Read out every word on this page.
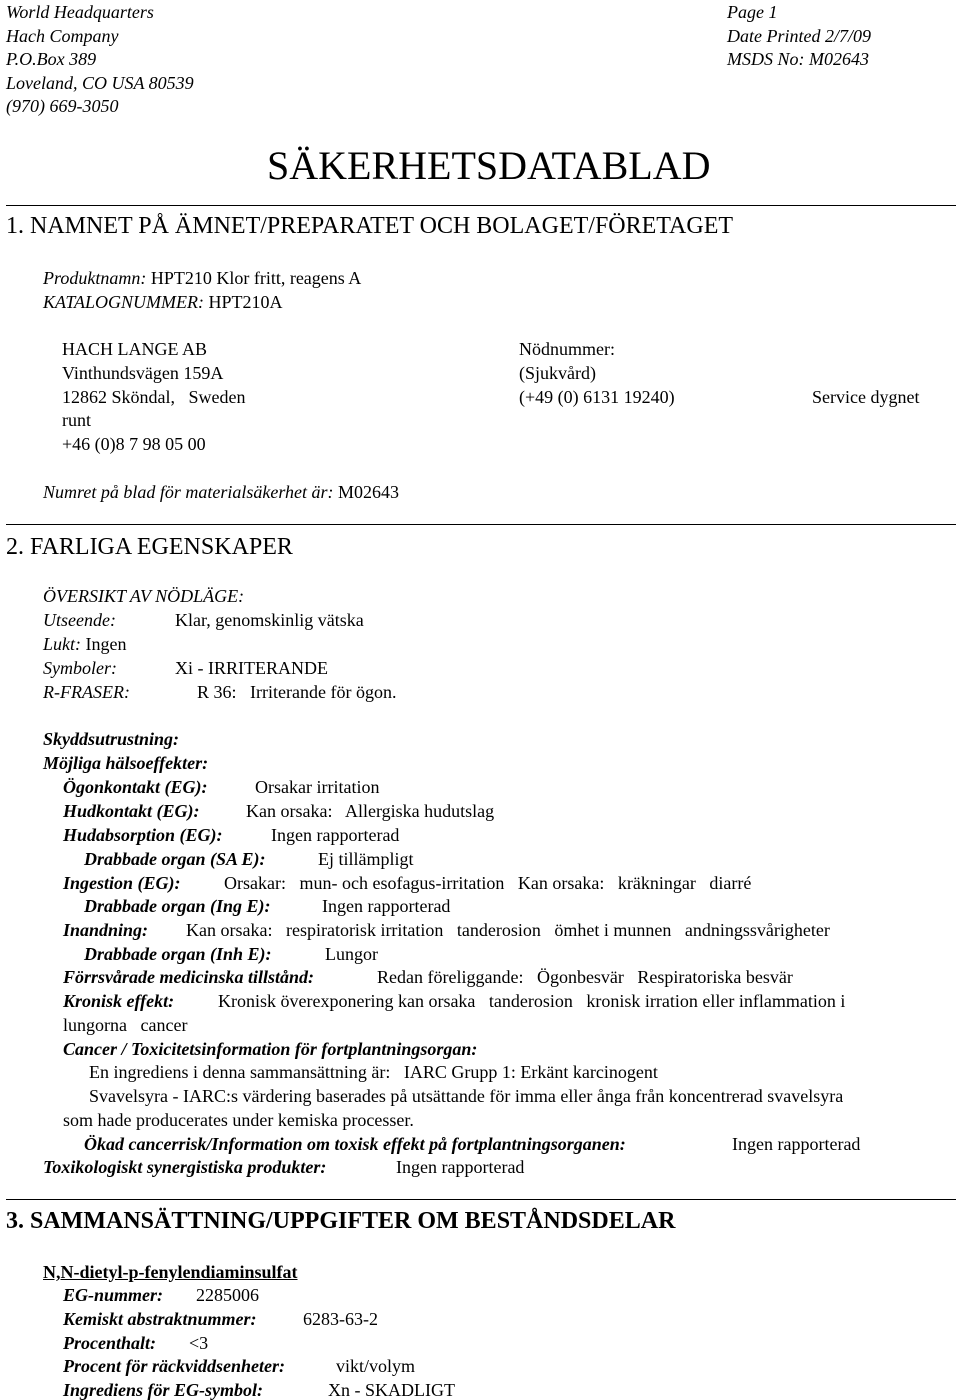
World Headquarters
Hach Company
P.O.Box 389
Loveland, CO USA 80539
(970) 669-3050
Page 1
Date Printed 2/7/09
MSDS No: M02643
SÄKERHETSDATABLAD
1. NAMNET PÅ ÄMNET/PREPARATET OCH BOLAGET/FÖRETAGET
Produktnamn: HPT210 Klor fritt, reagens A
KATALOGNUMMER: HPT210A
HACH LANGE AB
Vinthundsvägen 159A
12862 Sköndal,   Sweden
runt
+46 (0)8 7 98 05 00
Nödnummer:
(Sjukvård)
(+49 (0) 6131 19240)	Service dygnet
Numret på blad för materialsäkerhet är: M02643
2. FARLIGA EGENSKAPER
ÖVERSIKT AV NÖDLÄGE:
Utseende:	Klar, genomskinlig vätska
Lukt: Ingen
Symboler:	Xi - IRRITERANDE
R-FRASER:	R 36:   Irriterande för ögon.
Skyddsutrustning:
Möjliga hälsoeffekter:
Ögonkontakt (EG):	Orsakar irritation
Hudkontakt (EG):	Kan orsaka:   Allergiska hudutslag
Hudabsorption (EG):	Ingen rapporterad
Drabbade organ (SA E):	Ej tillämpligt
Ingestion (EG): Orsakar:   mun- och esofagus-irritation   Kan orsaka:   kräkningar   diarré
Drabbade organ (Ing E):	Ingen rapporterad
Inandning: Kan orsaka:   respiratorisk irritation   tanderosion   ömhet i munnen   andningssvårigheter
Drabbade organ (Inh E):	Lungor
Förrsvårade medicinska tillstånd:	Redan föreliggande:   Ögonbesvär   Respiratoriska besvär
Kronisk effekt: Kronisk överexponering kan orsaka   tanderosion   kronisk irration eller inflammation i
lungorna   cancer
Cancer / Toxicitetsinformation för fortplantningsorgan:
En ingrediens i denna sammansättning är:   IARC Grupp 1: Erkänt karcinogent
Svavelsyra - IARC:s värdering baserades på utsättande för imma eller ånga från koncentrerad svavelsyra
som hade producerates under kemiska processer.
Ökad cancerrisk/Information om toxisk effekt på fortplantningsorganen:	Ingen rapporterad
Toxikologiskt synergistiska produkter:	Ingen rapporterad
3. SAMMANSÄTTNING/UPPGIFTER OM BESTÅNDSDELAR
N,N-dietyl-p-fenylendiaminsulfat
EG-nummer: 2285006
Kemiskt abstraktnummer:	6283-63-2
Procenthalt: <3
Procent för räckviddsenheter:	vikt/volym
Ingrediens för EG-symbol:	Xn - SKADLIGT
